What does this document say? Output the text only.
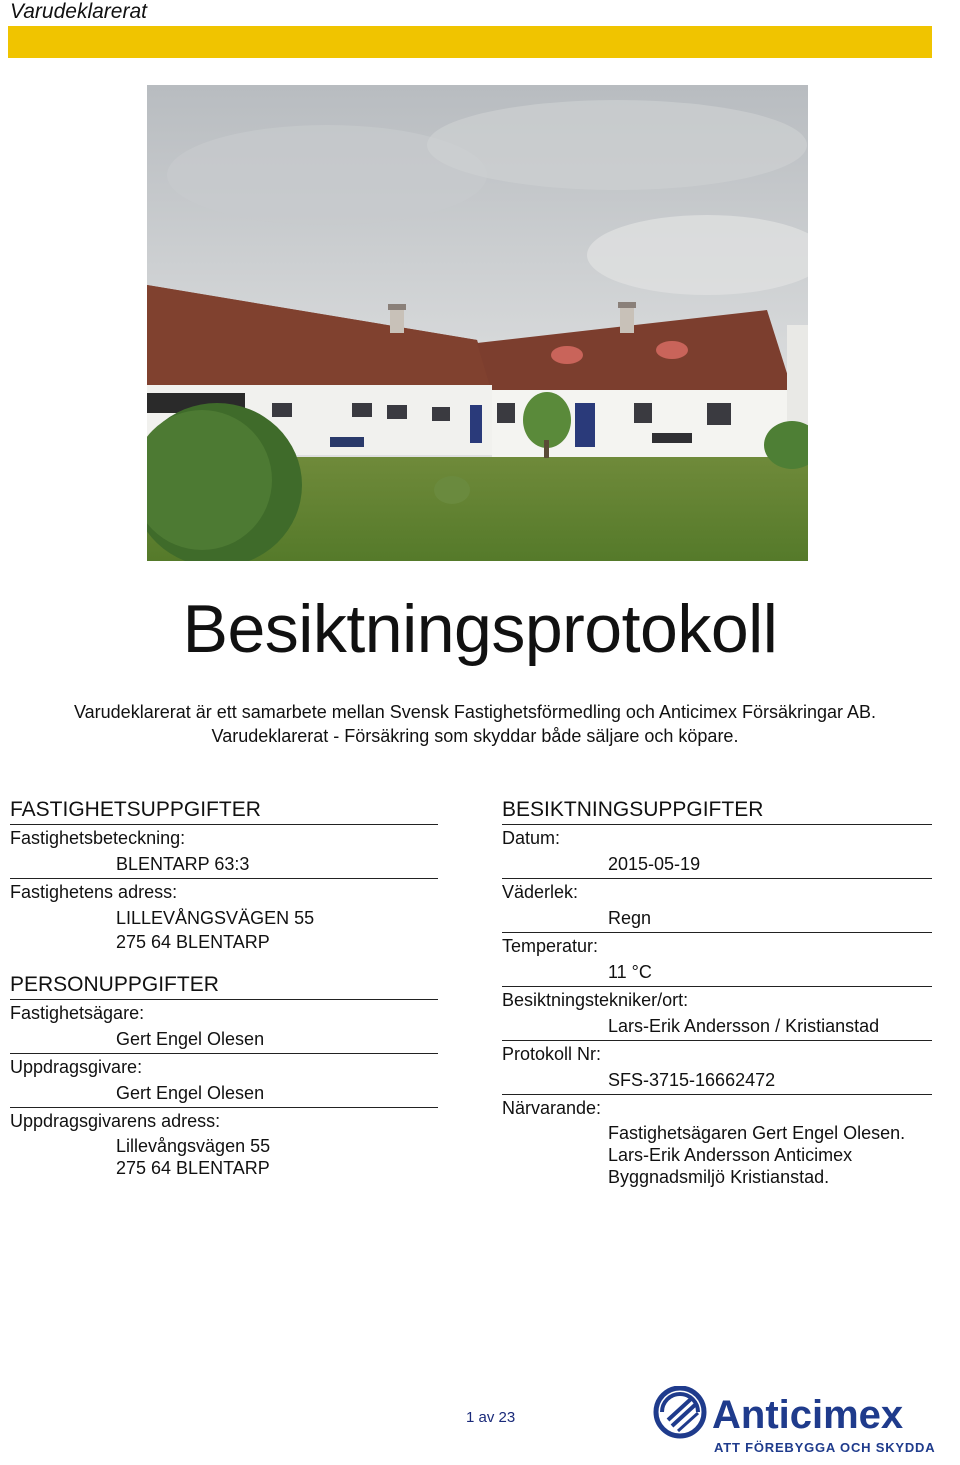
Varudeklarerat
Besiktningsprotokoll
Varudeklarerat är ett samarbete mellan Svensk Fastighetsförmedling och Anticimex Försäkringar AB.
Varudeklarerat - Försäkring som skyddar både säljare och köpare.
FASTIGHETSUPPGIFTER
Fastighetsbeteckning:
BLENTARP 63:3
Fastighetens adress:
LILLEVÅNGSVÄGEN 55
275 64 BLENTARP
PERSONUPPGIFTER
Fastighetsägare:
Gert Engel Olesen
Uppdragsgivare:
Gert Engel Olesen
Uppdragsgivarens adress:
Lillevångsvägen 55
275 64 BLENTARP
BESIKTNINGSUPPGIFTER
Datum:
2015-05-19
Väderlek:
Regn
Temperatur:
11 °C
Besiktningstekniker/ort:
Lars-Erik Andersson / Kristianstad
Protokoll Nr:
SFS-3715-16662472
Närvarande:
Fastighetsägaren Gert Engel Olesen.
Lars-Erik Andersson Anticimex
Byggnadsmiljö Kristianstad.
1 av 23	Anticimex
ATT FÖREBYGGA OCH SKYDDA
